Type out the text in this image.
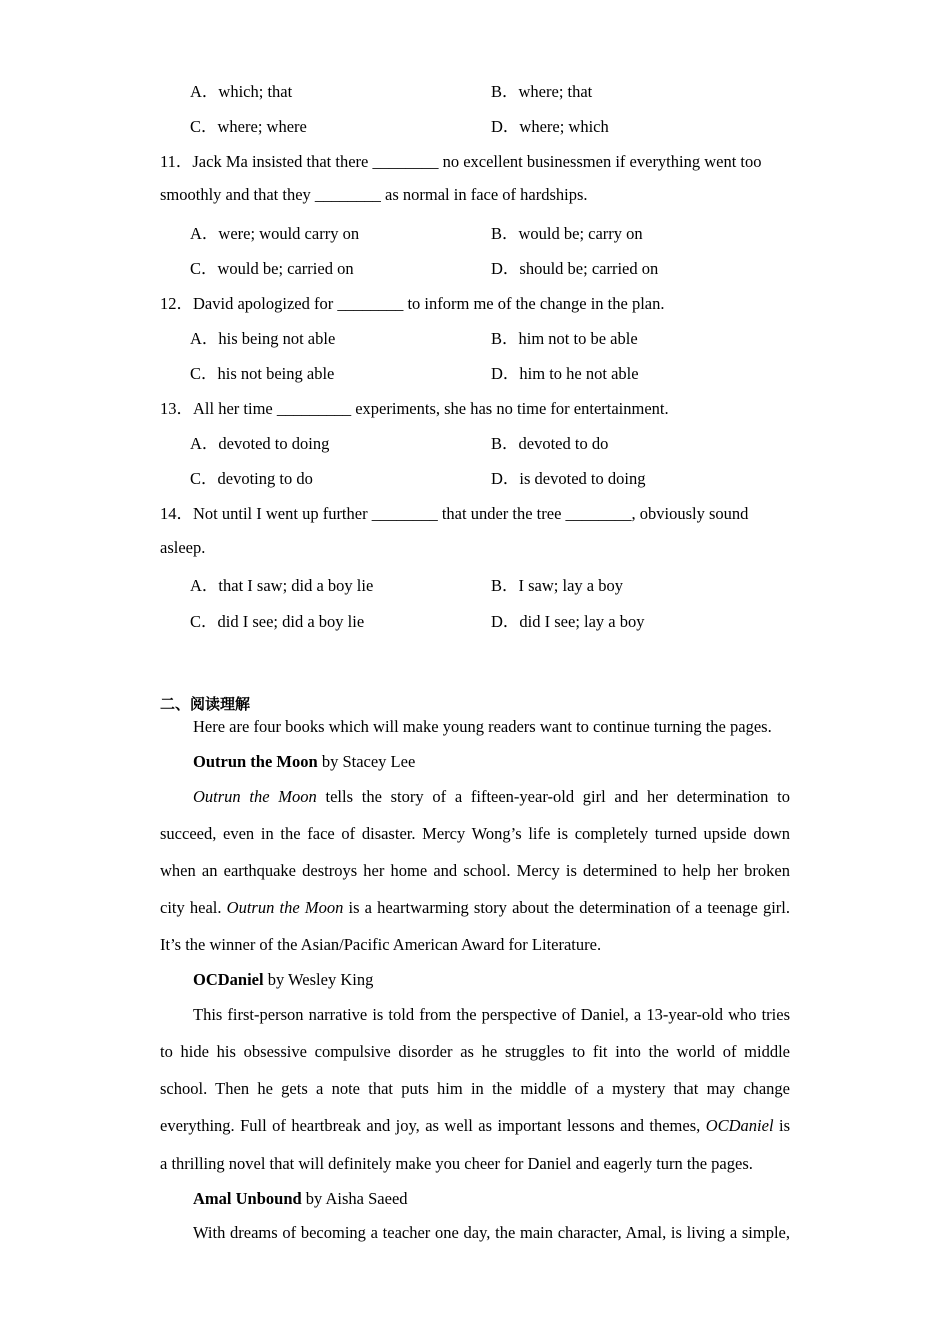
A．which; that	B．where; that
C．where; where	D．where; which
11．Jack Ma insisted that there ________ no excellent businessmen if everything went too
smoothly and that they ________ as normal in face of hardships.
A．were; would carry on	B．would be; carry on
C．would be; carried on	D．should be; carried on
12．David apologized for ________ to inform me of the change in the plan.
A．his being not able	B．him not to be able
C．his not being able	D．him to he not able
13．All her time _________ experiments, she has no time for entertainment.
A．devoted to doing	B．devoted to do
C．devoting to do	D．is devoted to doing
14．Not until I went up further ________ that under the tree ________, obviously sound
asleep.
A．that I saw; did a boy lie	B．I saw; lay a boy
C．did I see; did a boy lie	D．did I see; lay a boy
二、阅读理解
Here are four books which will make young readers want to continue turning the pages.
Outrun the Moon by Stacey Lee
Outrun the Moon tells the story of a fifteen-year-old girl and her determination to
succeed, even in the face of disaster. Mercy Wong’s life is completely turned upside down
when an earthquake destroys her home and school. Mercy is determined to help her broken
city heal. Outrun the Moon is a heartwarming story about the determination of a teenage girl.
It’s the winner of the Asian/Pacific American Award for Literature.
OCDaniel by Wesley King
This first-person narrative is told from the perspective of Daniel, a 13-year-old who tries
to hide his obsessive compulsive disorder as he struggles to fit into the world of middle
school. Then he gets a note that puts him in the middle of a mystery that may change
everything. Full of heartbreak and joy, as well as important lessons and themes, OCDaniel is
a thrilling novel that will definitely make you cheer for Daniel and eagerly turn the pages.
Amal Unbound by Aisha Saeed
With dreams of becoming a teacher one day, the main character, Amal, is living a simple,
